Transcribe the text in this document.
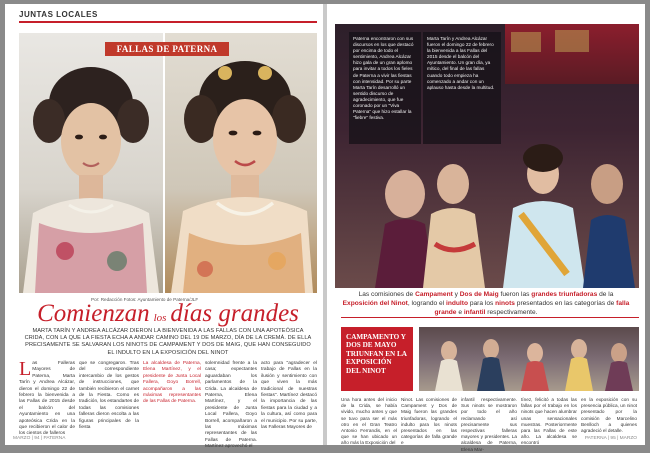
JUNTAS LOCALES
FALLAS DE PATERNA
Por: Redacción Fotos: Ayuntamiento de Paterna/JLF
Comienzan los días grandes
MARTA TARÍN Y ANDREA ALCÁZAR DIERON LA BIENVENIDA A LAS FALLAS CON UNA APOTEÓSICA CRIDA, CON LA QUE LA FIESTA ECHA A ANDAR CAMINO DEL 19 DE MARZO, DÍA DE LA CREMÁ. DE ELLA PRECISAMENTE SE SALVARAN LOS NINOTS DE CAMPAMENT Y DOS DE MAIG, QUE HAN CONSEGUIDO EL INDULTO EN LA EXPOSICIÓN DEL NINOT
L as Falleras Mayores de Paterna, Marta Tarín y Andrea Alcázar, dieron el domingo 22 de febrero la bienvenida a las Fallas de 2015 desde el balcón del Ayuntamiento en una apoteósica Crida en la que recibieron el calor de los cientos de falleros
que se congregaron. Tras del correspondiente intercambio de los gestos de instrucciones, que también recibieron el carnet de la Fiesta. Como es tradición, los estandartes de todas las comisiones falleras dieron escolta a las figuras principales de la fiesta
La alcaldesa de Paterna, Elena Martínez, y el presidente de Junta Local Fallera, Goyo Borrell, acompañaron a las máximas representantes de las Fallas de Paterna.
solemnidad frente a la casa; expectantes aguardaban los parlamentos de la Crida. La alcaldesa de Paterna, Elena Martínez, y el presidente de Junta Local Fallera, Goyo Borrell, acompañaron a las máximas representantes de las Fallas de Paterna. Martínez aprovechó el
acto para "agradecer el trabajo de Fallas en la ilusión y sentimiento con que viven la más tradicional de nuestras fiestas". Martínez destacó la importancia de las fiestas para la ciudad y a la cultura, así como para el municipio. Por su parte, las Falleras Mayores de
MARZO | 94 | PATERNA
Paterna encontraron con sus discursos en los que destacó por encima de todo el sentimiento, Andrea Alcázar hizo gala de un gran aplomo para invitar a todos los fieles de Paterna a vivir las fiestas con intensidad. Por su parte Marta Tarín desarrolló un sentido discurso de agradecimiento, que fue coronado por un "Viva Paterna" que hizo estallar la "fiebre" festiva.
Marta Tarín y Andrea Alcázar fueron el domingo 22 de febrero la bienvenida a las Fallas del 2015 desde el balcón del Ayuntamiento. Un gran día, ya mítico, del final de las fallas cuando todo empieza ha comenzado a andar con un aplauso hasta desde la multitud.
Las comisiones de Campament y Dos de Maig fueron las grandes triunfadoras de la Exposición del Ninot, logrando el indulto para los ninots presentados en las categorías de falla grande e infantil respectivamente.
CAMPAMENTO Y DOS DE MAYO TRIUNFAN EN LA EXPOSICIÓN DEL NINOT
Una hora antes del inicio de la Crida, se había vivido, mucho antes y que se tuvo para ser el más otro en el Gran Teatro Antonio Ferrandis, en el que se han ubicado un año más la Exposición del
Ninot. Las comisiones de Campament y Dos de Maig fueron las grandes triunfadoras, logrando el indulto para los ninots presentados en las categorías de falla grande e
infantil respectivamente. Sus ninots se mostraron por todo el año reclamando así precisamente sus respectivas falleras mayores y presidentes. La alcaldesa de Paterna, Elena Mar-
tínez, felicitó a todas las fallas por el trabajo en los ninots que hacen alumbrar unas sensacionales muestras. Posteriormente para las Fallas de este año. La alcaldesa se encontró
en la exposición con su presencia pública, un ninot presentado por la comisión de Marcelino Benlloch a quienes agradeció el detalle.
PATERNA | 95 | MARZO
